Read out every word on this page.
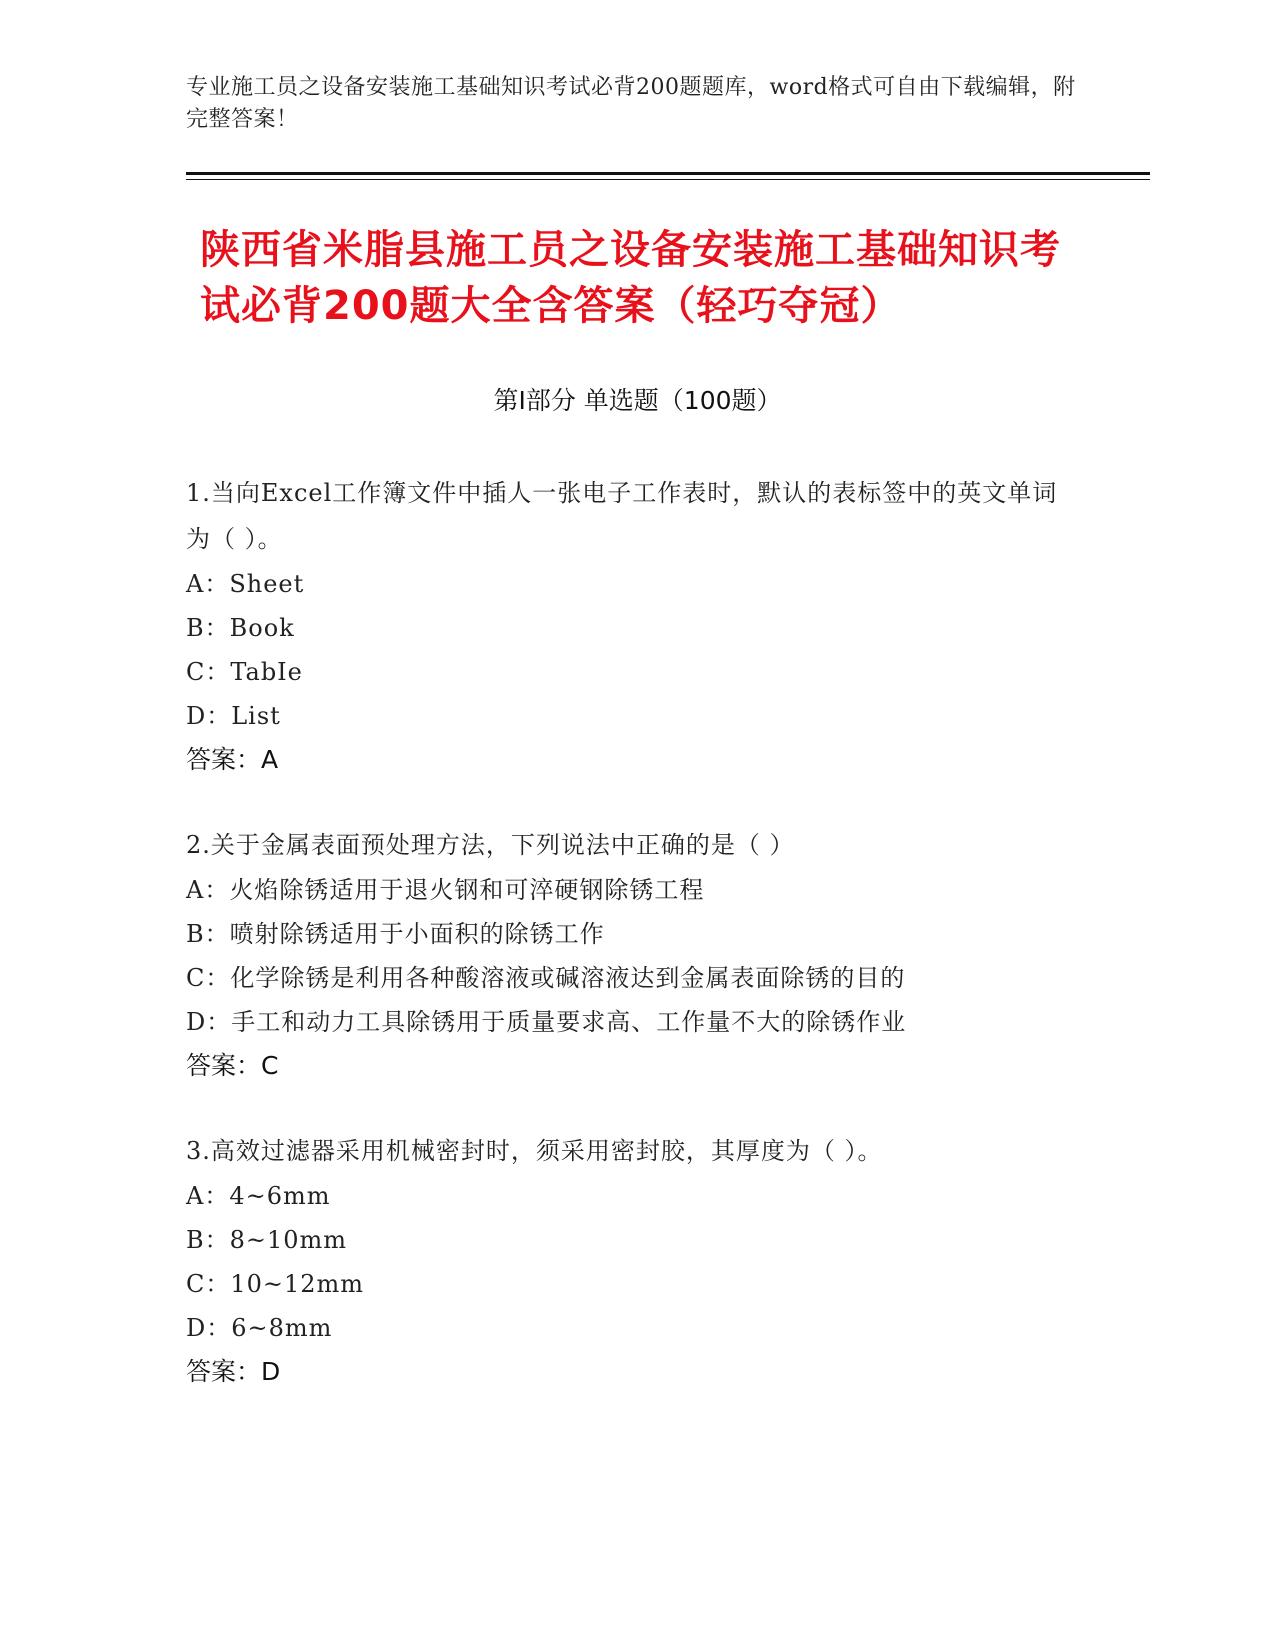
专业施工员之设备安装施工基础知识考试必背200题题库，word格式可自由下载编辑，附完整答案！
陕西省米脂县施工员之设备安装施工基础知识考试必背200题大全含答案（轻巧夺冠）
第I部分 单选题（100题）
1.当向Excel工作簿文件中插人一张电子工作表时，默认的表标签中的英文单词为（ ）。
A：Sheet
B：Book
C：TabIe
D：List
答案：A
2.关于金属表面预处理方法，下列说法中正确的是（ ）
A：火焰除锈适用于退火钢和可淬硬钢除锈工程
B：喷射除锈适用于小面积的除锈工作
C：化学除锈是利用各种酸溶液或碱溶液达到金属表面除锈的目的
D：手工和动力工具除锈用于质量要求高、工作量不大的除锈作业
答案：C
3.高效过滤器采用机械密封时，须采用密封胶，其厚度为（ ）。
A：4~6mm
B：8~10mm
C：10~12mm
D：6~8mm
答案：D
